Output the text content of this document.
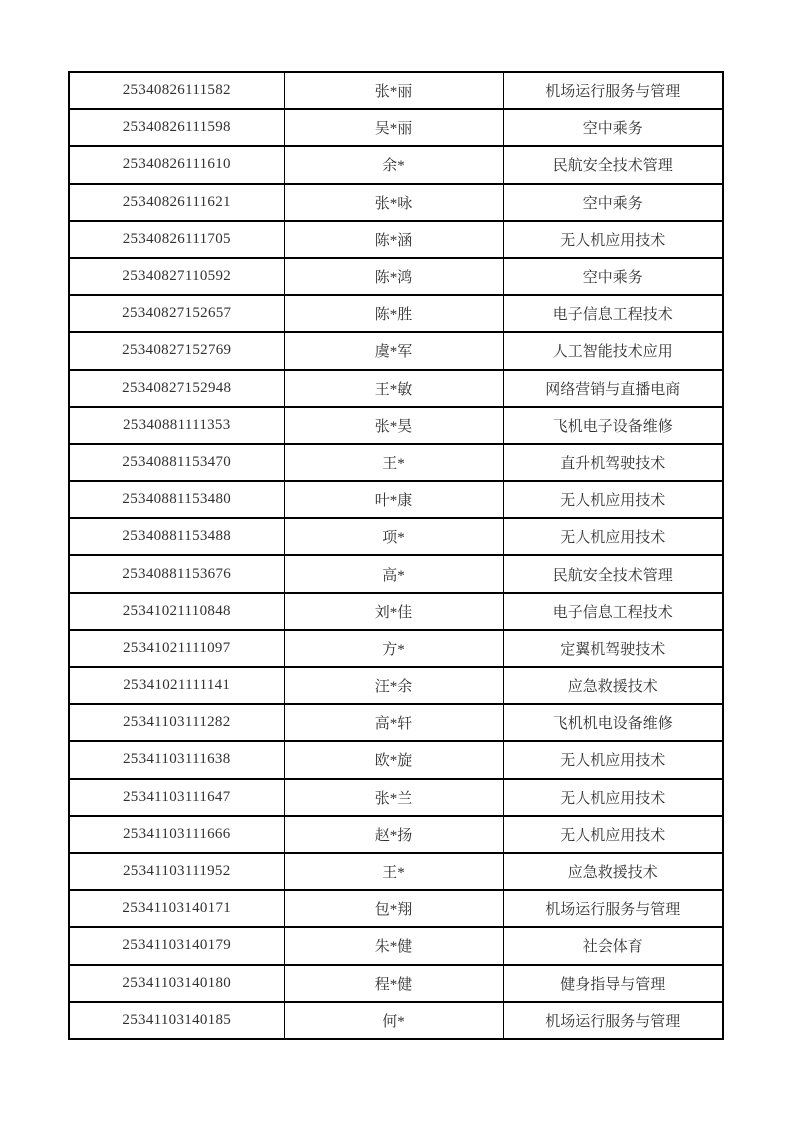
25340826111582	张*丽	机场运行服务与管理
25340826111598	吴*丽	空中乘务
25340826111610	余*	民航安全技术管理
25340826111621	张*咏	空中乘务
25340826111705	陈*涵	无人机应用技术
25340827110592	陈*鸿	空中乘务
25340827152657	陈*胜	电子信息工程技术
25340827152769	虞*军	人工智能技术应用
25340827152948	王*敏	网络营销与直播电商
25340881111353	张*昊	飞机电子设备维修
25340881153470	王*	直升机驾驶技术
25340881153480	叶*康	无人机应用技术
25340881153488	项*	无人机应用技术
25340881153676	高*	民航安全技术管理
25341021110848	刘*佳	电子信息工程技术
25341021111097	方*	定翼机驾驶技术
25341021111141	汪*余	应急救援技术
25341103111282	高*轩	飞机机电设备维修
25341103111638	欧*旋	无人机应用技术
25341103111647	张*兰	无人机应用技术
25341103111666	赵*扬	无人机应用技术
25341103111952	王*	应急救援技术
25341103140171	包*翔	机场运行服务与管理
25341103140179	朱*健	社会体育
25341103140180	程*健	健身指导与管理
25341103140185	何*	机场运行服务与管理
